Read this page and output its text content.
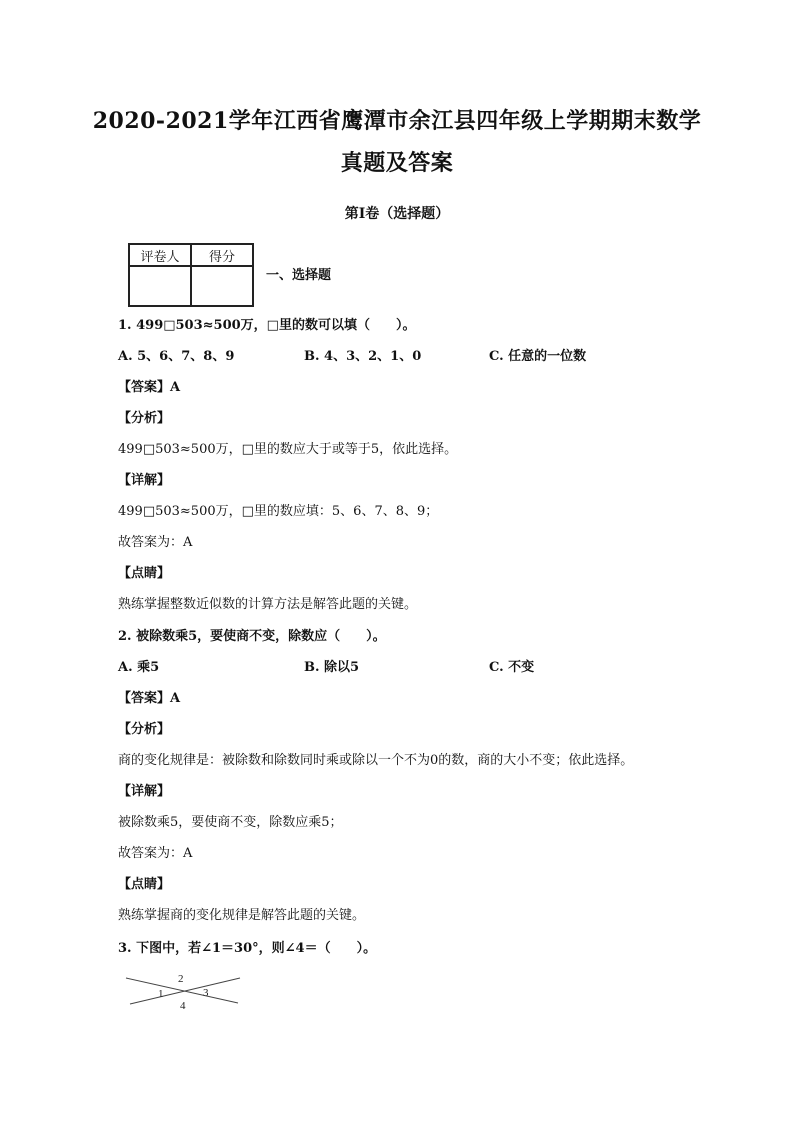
2020-2021学年江西省鹰潭市余江县四年级上学期期末数学
真题及答案
第I卷（选择题）
评卷人	得分

一、选择题
1. 499□503≈500万，□里的数可以填（　　）。
A. 5、6、7、8、9	B. 4、3、2、1、0	C. 任意的一位数
【答案】A
【分析】
499□503≈500万，□里的数应大于或等于5，依此选择。
【详解】
499□503≈500万，□里的数应填：5、6、7、8、9；
故答案为：A
【点睛】
熟练掌握整数近似数的计算方法是解答此题的关键。
2. 被除数乘5，要使商不变，除数应（　　）。
A. 乘5	B. 除以5	C. 不变
【答案】A
【分析】
商的变化规律是：被除数和除数同时乘或除以一个不为0的数，商的大小不变；依此选择。
【详解】
被除数乘5，要使商不变，除数应乘5；
故答案为：A
【点睛】
熟练掌握商的变化规律是解答此题的关键。
3. 下图中，若∠1＝30°，则∠4＝（　　）。
2
1	3
4
